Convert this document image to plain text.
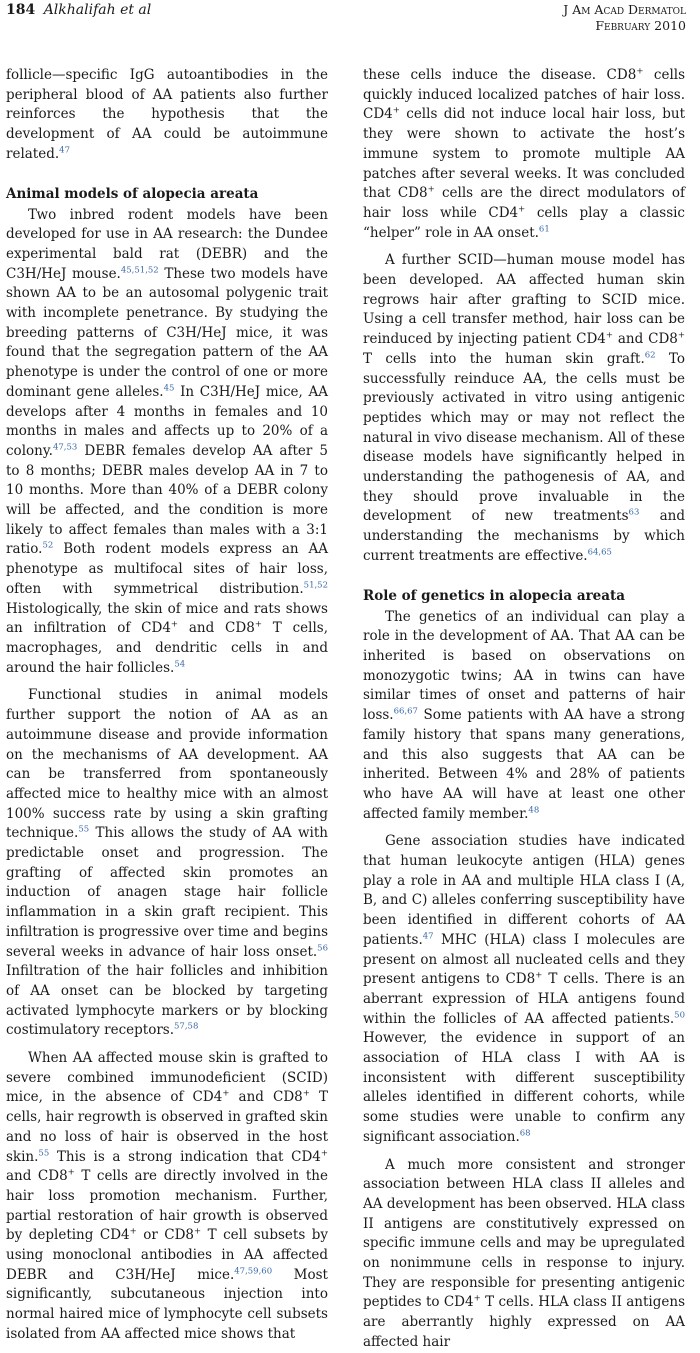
184 Alkhalifah et al	J Am Acad Dermatol
February 2010

follicle—specific IgG autoantibodies in the peripheral blood of AA patients also further reinforces the hypothesis that the development of AA could be autoimmune related.$^{47}$

Animal models of alopecia areata

Two inbred rodent models have been developed for use in AA research: the Dundee experimental bald rat (DEBR) and the C3H/HeJ mouse.$^{45,51,52}$ These two models have shown AA to be an autosomal polygenic trait with incomplete penetrance. By studying the breeding patterns of C3H/HeJ mice, it was found that the segregation pattern of the AA phenotype is under the control of one or more dominant gene alleles.$^{45}$ In C3H/HeJ mice, AA develops after 4 months in females and 10 months in males and affects up to 20% of a colony.$^{47,53}$ DEBR females develop AA after 5 to 8 months; DEBR males develop AA in 7 to 10 months. More than 40% of a DEBR colony will be affected, and the condition is more likely to affect females than males with a 3:1 ratio.$^{52}$ Both rodent models express an AA phenotype as multifocal sites of hair loss, often with symmetrical distribution.$^{51,52}$ Histologically, the skin of mice and rats shows an infiltration of CD4+ and CD8+ T cells, macrophages, and dendritic cells in and around the hair follicles.$^{54}$

Functional studies in animal models further support the notion of AA as an autoimmune disease and provide information on the mechanisms of AA development. AA can be transferred from spontaneously affected mice to healthy mice with an almost 100% success rate by using a skin grafting technique.$^{55}$ This allows the study of AA with predictable onset and progression. The grafting of affected skin promotes an induction of anagen stage hair follicle inflammation in a skin graft recipient. This infiltration is progressive over time and begins several weeks in advance of hair loss onset.$^{56}$ Infiltration of the hair follicles and inhibition of AA onset can be blocked by targeting activated lymphocyte markers or by blocking costimulatory receptors.$^{57,58}$

When AA affected mouse skin is grafted to severe combined immunodeficient (SCID) mice, in the absence of CD4+ and CD8+ T cells, hair regrowth is observed in grafted skin and no loss of hair is observed in the host skin.$^{55}$ This is a strong indication that CD4+ and CD8+ T cells are directly involved in the hair loss promotion mechanism. Further, partial restoration of hair growth is observed by depleting CD4+ or CD8+ T cell subsets by using monoclonal antibodies in AA affected DEBR and C3H/HeJ mice.$^{47,59,60}$ Most significantly, subcutaneous injection into normal haired mice of lymphocyte cell subsets isolated from AA affected mice shows that

these cells induce the disease. CD8+ cells quickly induced localized patches of hair loss. CD4+ cells did not induce local hair loss, but they were shown to activate the host’s immune system to promote multiple AA patches after several weeks. It was concluded that CD8+ cells are the direct modulators of hair loss while CD4+ cells play a classic “helper” role in AA onset.$^{61}$

A further SCID—human mouse model has been developed. AA affected human skin regrows hair after grafting to SCID mice. Using a cell transfer method, hair loss can be reinduced by injecting patient CD4+ and CD8+ T cells into the human skin graft.$^{62}$ To successfully reinduce AA, the cells must be previously activated in vitro using antigenic peptides which may or may not reflect the natural in vivo disease mechanism. All of these disease models have significantly helped in understanding the pathogenesis of AA, and they should prove invaluable in the development of new treatments$^{63}$ and understanding the mechanisms by which current treatments are effective.$^{64,65}$

Role of genetics in alopecia areata

The genetics of an individual can play a role in the development of AA. That AA can be inherited is based on observations on monozygotic twins; AA in twins can have similar times of onset and patterns of hair loss.$^{66,67}$ Some patients with AA have a strong family history that spans many generations, and this also suggests that AA can be inherited. Between 4% and 28% of patients who have AA will have at least one other affected family member.$^{48}$

Gene association studies have indicated that human leukocyte antigen (HLA) genes play a role in AA and multiple HLA class I (A, B, and C) alleles conferring susceptibility have been identified in different cohorts of AA patients.$^{47}$ MHC (HLA) class I molecules are present on almost all nucleated cells and they present antigens to CD8+ T cells. There is an aberrant expression of HLA antigens found within the follicles of AA affected patients.$^{50}$ However, the evidence in support of an association of HLA class I with AA is inconsistent with different susceptibility alleles identified in different cohorts, while some studies were unable to confirm any significant association.$^{68}$

A much more consistent and stronger association between HLA class II alleles and AA development has been observed. HLA class II antigens are constitutively expressed on specific immune cells and may be upregulated on nonimmune cells in response to injury. They are responsible for presenting antigenic peptides to CD4+ T cells. HLA class II antigens are aberrantly highly expressed on AA affected hair
